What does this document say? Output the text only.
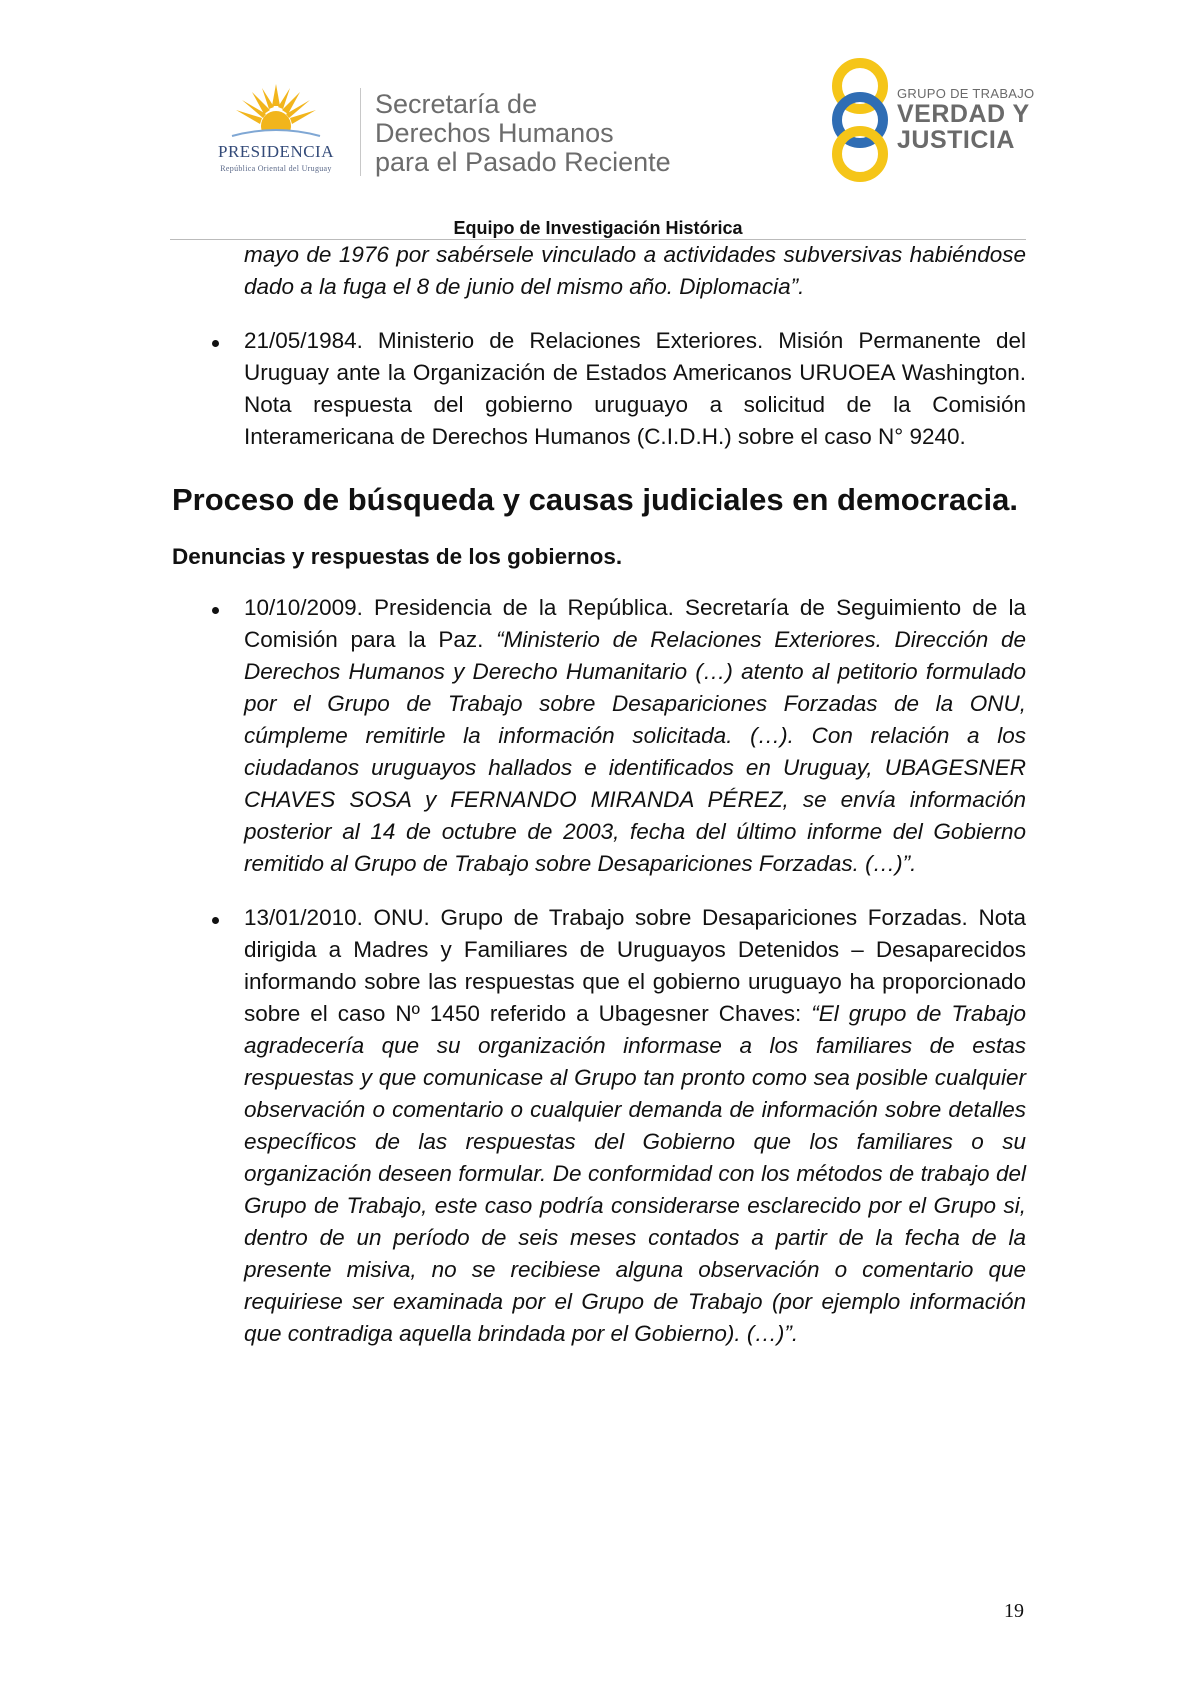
PRESIDENCIA
República Oriental del Uruguay
Secretaría de
Derechos Humanos
para el Pasado Reciente
GRUPO DE TRABAJO
VERDAD Y
JUSTICIA
Equipo de Investigación Histórica

mayo de 1976 por sabérsele vinculado a actividades subversivas habiéndose dado a la fuga el 8 de junio del mismo año. Diplomacia”.

21/05/1984. Ministerio de Relaciones Exteriores. Misión Permanente del Uruguay ante la Organización de Estados Americanos URUOEA Washington. Nota respuesta del gobierno uruguayo a solicitud de la Comisión Interamericana de Derechos Humanos (C.I.D.H.) sobre el caso N° 9240.

Proceso de búsqueda y causas judiciales en democracia.
Denuncias y respuestas de los gobiernos.

10/10/2009. Presidencia de la República. Secretaría de Seguimiento de la Comisión para la Paz. “Ministerio de Relaciones Exteriores. Dirección de Derechos Humanos y Derecho Humanitario (…) atento al petitorio formulado por el Grupo de Trabajo sobre Desapariciones Forzadas de la ONU, cúmpleme remitirle la información solicitada. (…). Con relación a los ciudadanos uruguayos hallados e identificados en Uruguay, UBAGESNER CHAVES SOSA y FERNANDO MIRANDA PÉREZ, se envía información posterior al 14 de octubre de 2003, fecha del último informe del Gobierno remitido al Grupo de Trabajo sobre Desapariciones Forzadas. (…)”.

13/01/2010. ONU. Grupo de Trabajo sobre Desapariciones Forzadas. Nota dirigida a Madres y Familiares de Uruguayos Detenidos – Desaparecidos informando sobre las respuestas que el gobierno uruguayo ha proporcionado sobre el caso Nº 1450 referido a Ubagesner Chaves: “El grupo de Trabajo agradecería que su organización informase a los familiares de estas respuestas y que comunicase al Grupo tan pronto como sea posible cualquier observación o comentario o cualquier demanda de información sobre detalles específicos de las respuestas del Gobierno que los familiares o su organización deseen formular. De conformidad con los métodos de trabajo del Grupo de Trabajo, este caso podría considerarse esclarecido por el Grupo si, dentro de un período de seis meses contados a partir de la fecha de la presente misiva, no se recibiese alguna observación o comentario que requiriese ser examinada por el Grupo de Trabajo (por ejemplo información que contradiga aquella brindada por el Gobierno). (…)”.

19
